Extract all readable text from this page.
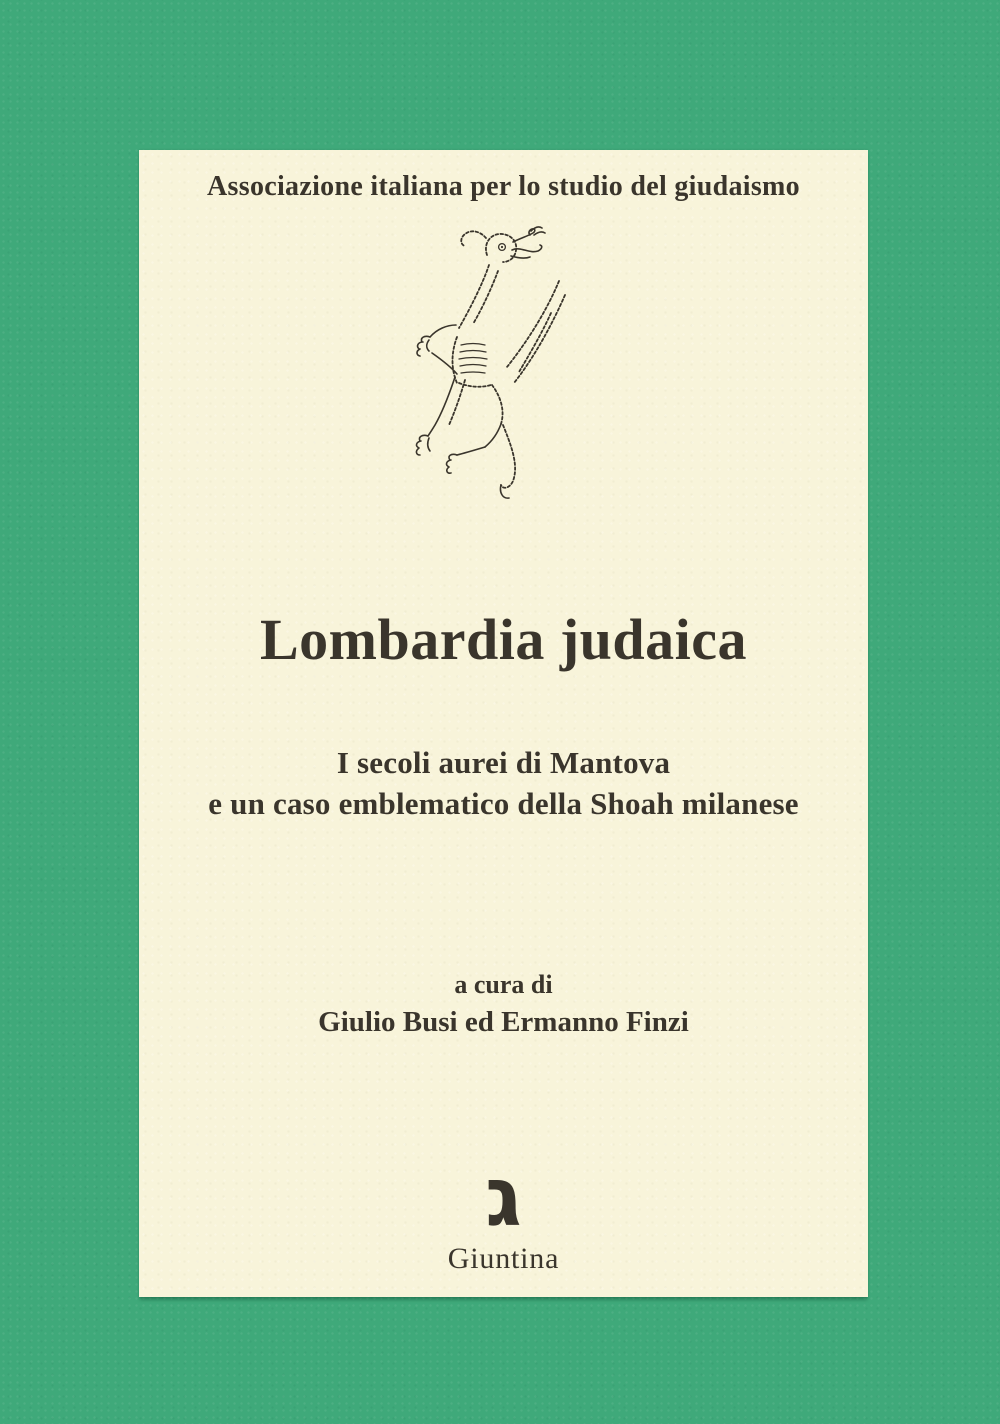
Associazione italiana per lo studio del giudaismo
Lombardia judaica
I secoli aurei di Mantova
e un caso emblematico della Shoah milanese
a cura di
Giulio Busi ed Ermanno Finzi
ג
Giuntina
